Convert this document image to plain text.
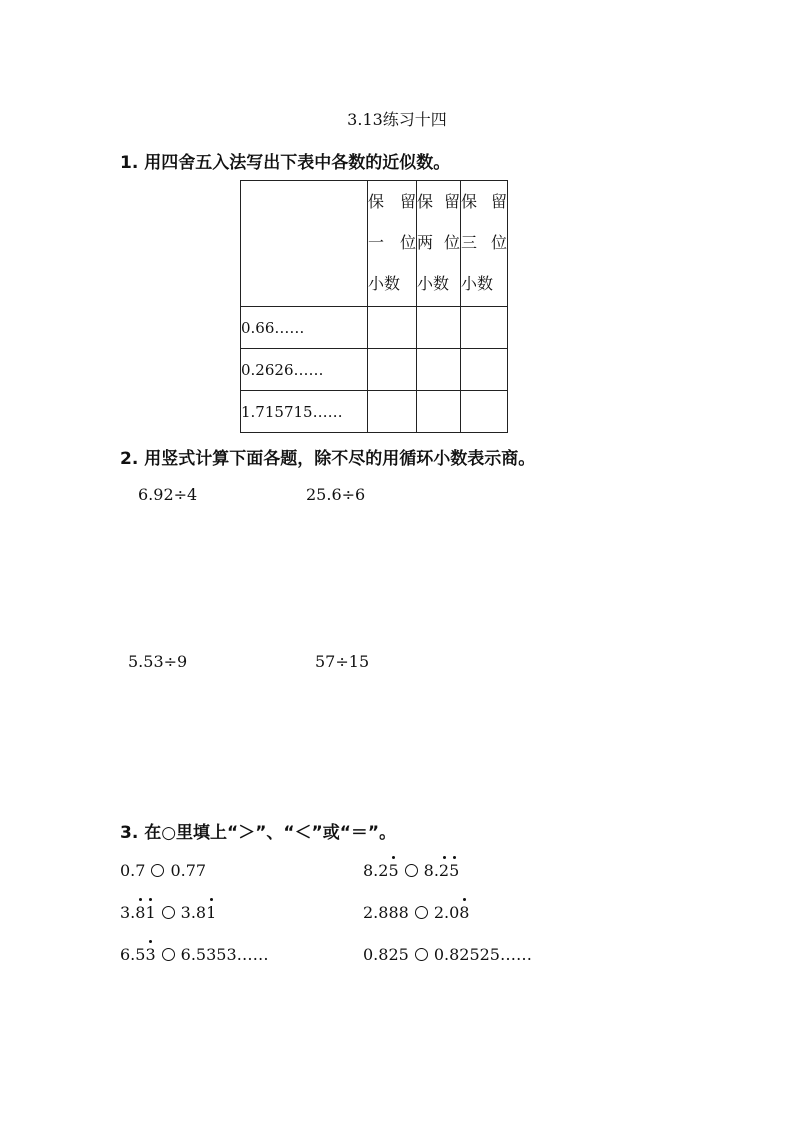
3.13练习十四
1. 用四舍五入法写出下表中各数的近似数。

	保 留
一 位
小数	保 留
两 位
小数	保 留
三 位
小数

0.66……			
0.2626……			
1.715715……			
2. 用竖式计算下面各题，除不尽的用循环小数表示商。
6.92÷4	25.6÷6
5.53÷9	57÷15
3. 在○里填上“＞”、“＜”或“＝”。
0.7 0.77	8.25 8.25
3.81 3.81	2.888 2.08
6.53 6.5353……	0.825 0.82525……
